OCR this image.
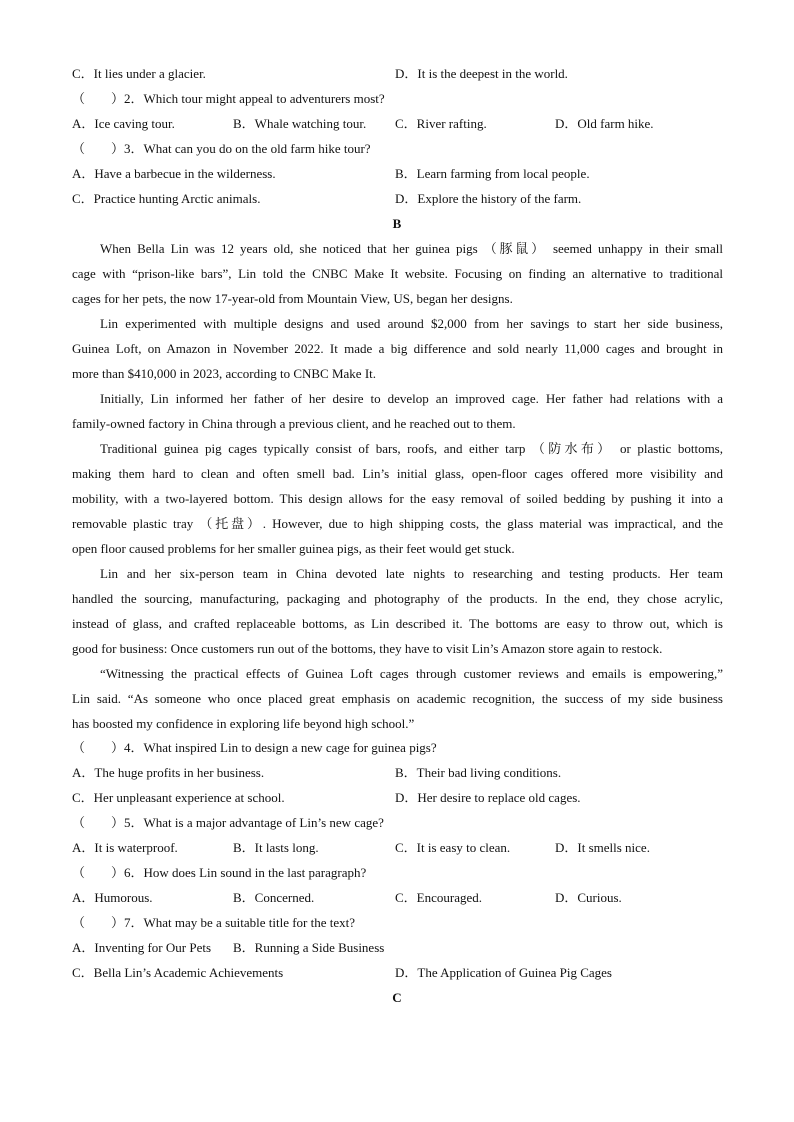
C．It lies under a glacier.	D．It is the deepest in the world.
（　　）2．Which tour might appeal to adventurers most?
A．Ice caving tour.	B．Whale watching tour. C．River rafting.	D．Old farm hike.
（　　）3．What can you do on the old farm hike tour?
A．Have a barbecue in the wilderness.	B．Learn farming from local people.
C．Practice hunting Arctic animals.	D．Explore the history of the farm.
B
When Bella Lin was 12 years old, she noticed that her guinea pigs （豚鼠） seemed unhappy in their small
cage with “prison-like bars”, Lin told the CNBC Make It website. Focusing on finding an alternative to traditional
cages for her pets, the now 17-year-old from Mountain View, US, began her designs.
Lin experimented with multiple designs and used around $2,000 from her savings to start her side business,
Guinea Loft, on Amazon in November 2022. It made a big difference and sold nearly 11,000 cages and brought in
more than $410,000 in 2023, according to CNBC Make It.
Initially, Lin informed her father of her desire to develop an improved cage. Her father had relations with a
family-owned factory in China through a previous client, and he reached out to them.
Traditional guinea pig cages typically consist of bars, roofs, and either tarp （防水布） or plastic bottoms,
making them hard to clean and often smell bad. Lin’s initial glass, open-floor cages offered more visibility and
mobility, with a two-layered bottom. This design allows for the easy removal of soiled bedding by pushing it into a
removable plastic tray （托盘）. However, due to high shipping costs, the glass material was impractical, and the
open floor caused problems for her smaller guinea pigs, as their feet would get stuck.
Lin and her six-person team in China devoted late nights to researching and testing products. Her team
handled the sourcing, manufacturing, packaging and photography of the products. In the end, they chose acrylic,
instead of glass, and crafted replaceable bottoms, as Lin described it. The bottoms are easy to throw out, which is
good for business: Once customers run out of the bottoms, they have to visit Lin’s Amazon store again to restock.
“Witnessing the practical effects of Guinea Loft cages through customer reviews and emails is empowering,”
Lin said. “As someone who once placed great emphasis on academic recognition, the success of my side business
has boosted my confidence in exploring life beyond high school.”
（　　）4．What inspired Lin to design a new cage for guinea pigs?
A．The huge profits in her business.	B．Their bad living conditions.
C．Her unpleasant experience at school.	D．Her desire to replace old cages.
（　　）5．What is a major advantage of Lin’s new cage?
A．It is waterproof.	B．It lasts long.	C．It is easy to clean.	D．It smells nice.
（　　）6．How does Lin sound in the last paragraph?
A．Humorous.	B．Concerned.	C．Encouraged.	D．Curious.
（　　）7．What may be a suitable title for the text?
A．Inventing for Our Pets B．Running a Side Business
C．Bella Lin’s Academic Achievements	D．The Application of Guinea Pig Cages
C
